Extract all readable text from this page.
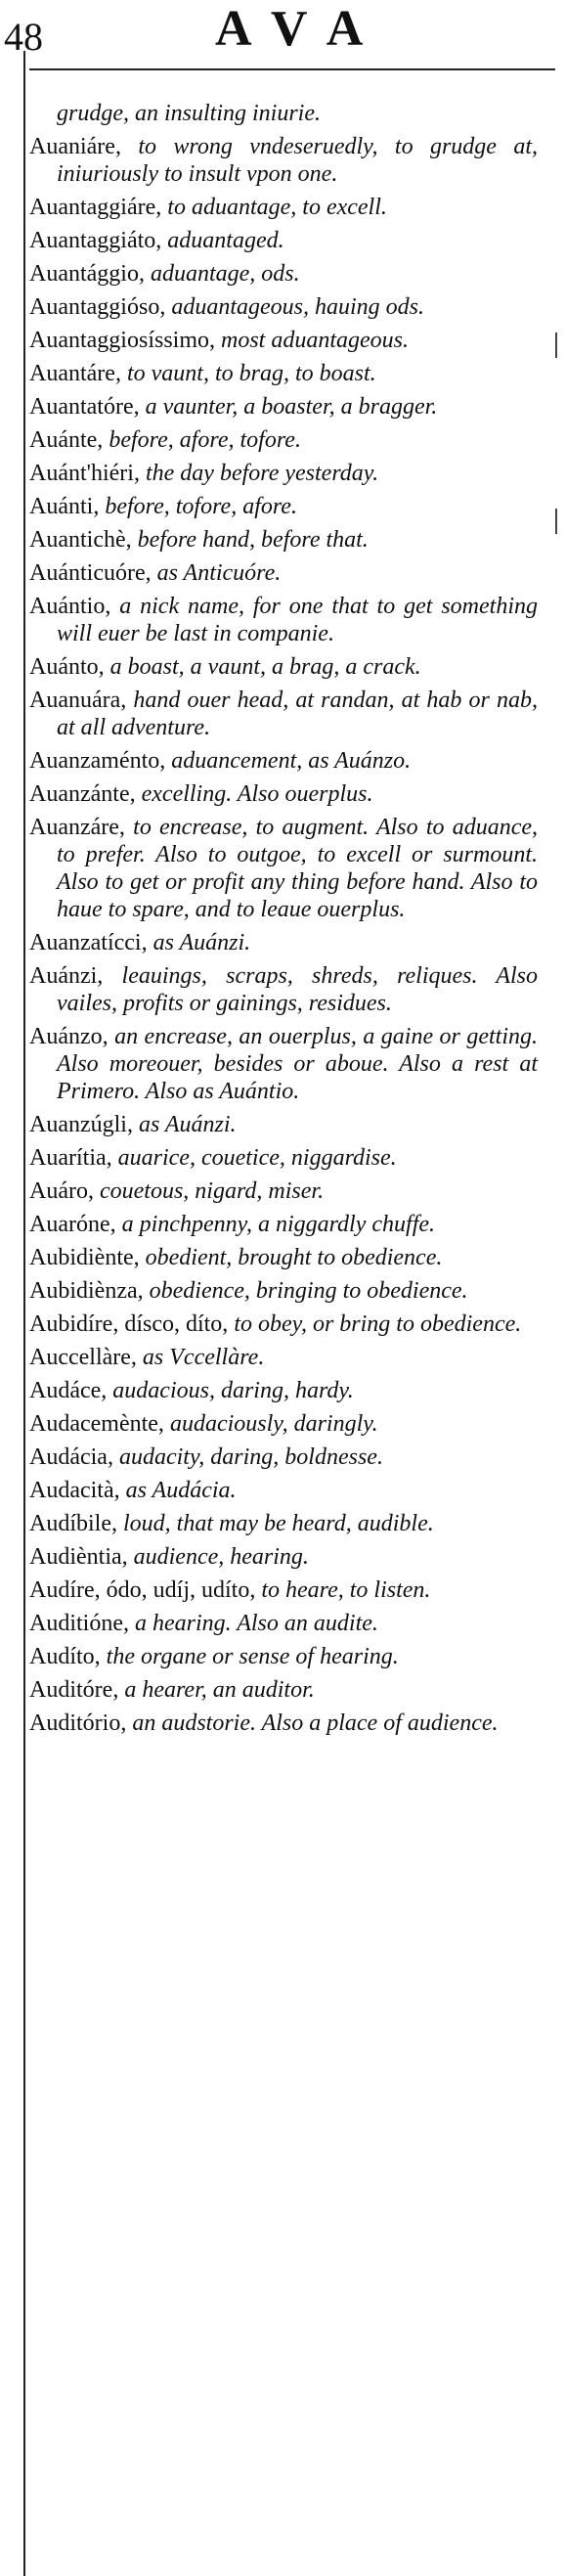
48	AVA
grudge, an insulting iniurie.
Auaniáre, to wrong vndeseruedly, to grudge at, iniuriously to insult vpon one.
Auantaggiáre, to aduantage, to excell.
Auantaggiáto, aduantaged.
Auantággio, aduantage, ods.
Auantaggióso, aduantageous, hauing ods.
Auantaggiosíssimo, most aduantageous.
Auantáre, to vaunt, to brag, to boast.
Auantatóre, a vaunter, a boaster, a bragger.
Auánte, before, afore, tofore.
Auánt'hiéri, the day before yesterday.
Auánti, before, tofore, afore.
Auantichè, before hand, before that.
Auánticuóre, as Anticuóre.
Auántio, a nick name, for one that to get something will euer be last in companie.
Auánto, a boast, a vaunt, a brag, a crack.
Auanuára, hand ouer head, at randan, at hab or nab, at all adventure.
Auanzaménto, aduancement, as Auánzo.
Auanzánte, excelling. Also ouerplus.
Auanzáre, to encrease, to augment. Also to aduance, to prefer. Also to outgoe, to excell or surmount. Also to get or profit any thing before hand. Also to haue to spare, and to leaue ouerplus.
Auanzatícci, as Auánzi.
Auánzi, leauings, scraps, shreds, reliques. Also vailes, profits or gainings, residues.
Auánzo, an encrease, an ouerplus, a gaine or getting. Also moreouer, besides or aboue. Also a rest at Primero. Also as Auántio.
Auanzúgli, as Auánzi.
Auarítia, auarice, couetice, niggardise.
Auáro, couetous, nigard, miser.
Auaróne, a pinchpenny, a niggardly chuffe.
Aubidiènte, obedient, brought to obedience.
Aubidiènza, obedience, bringing to obedience.
Aubidíre, dísco, díto, to obey, or bring to obedience.
Auccellàre, as Vccellàre.
Audáce, audacious, daring, hardy.
Audacemènte, audaciously, daringly.
Audácia, audacity, daring, boldnesse.
Audacità, as Audácia.
Audíbile, loud, that may be heard, audible.
Audièntia, audience, hearing.
Audíre, ódo, udíj, udíto, to heare, to listen.
Auditióne, a hearing. Also an audite.
Audíto, the organe or sense of hearing.
Auditóre, a hearer, an auditor.
Auditório, an audstorie. Also a place of audience.
